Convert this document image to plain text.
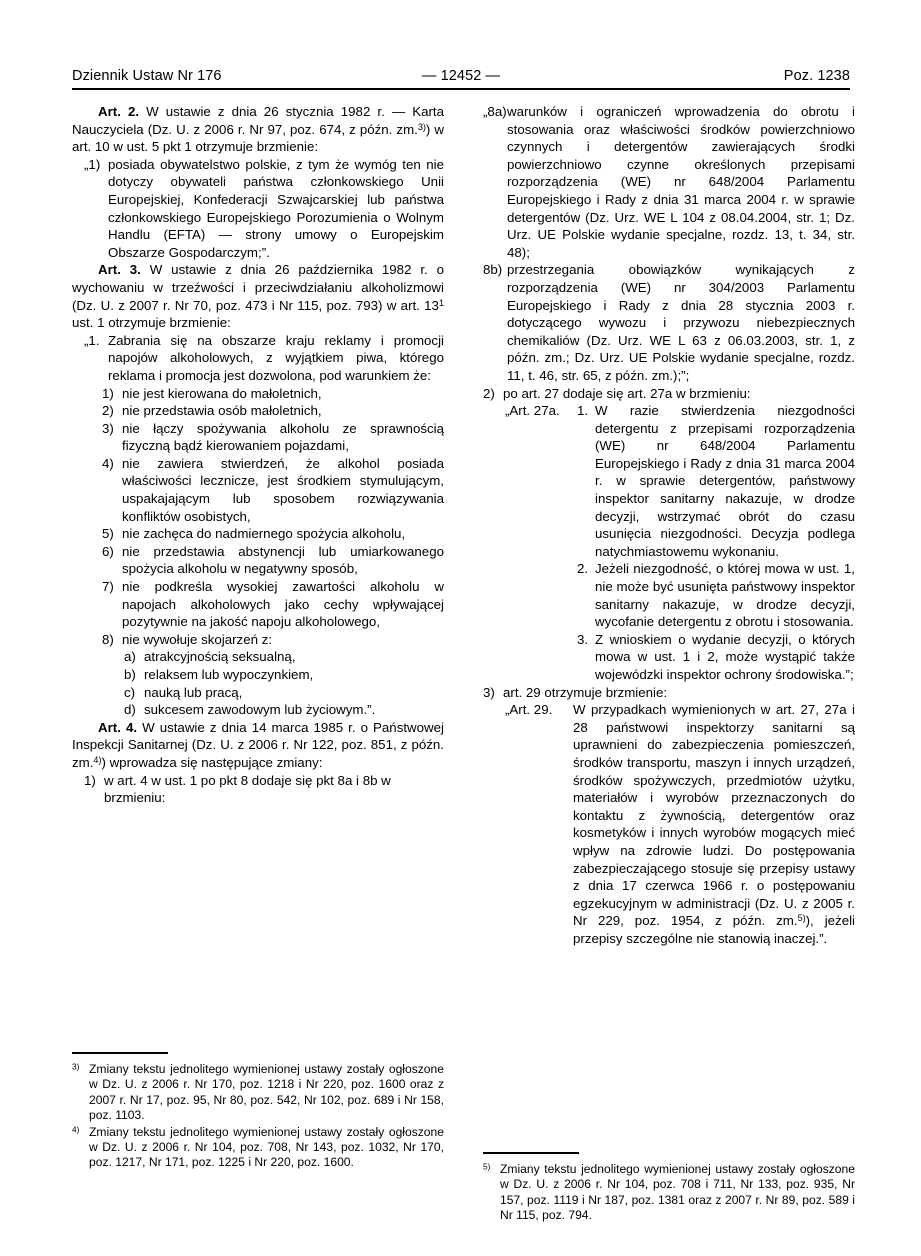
Dziennik Ustaw Nr 176	— 12452 —	Poz. 1238

Art. 2. W ustawie z dnia 26 stycznia 1982 r. — Karta Nauczyciela (Dz. U. z 2006 r. Nr 97, poz. 674, z późn. zm.$^{3)}$) w art. 10 w ust. 5 pkt 1 otrzymuje brzmienie:

„1) posiada obywatelstwo polskie, z tym że wymóg ten nie dotyczy obywateli państwa członkowskiego Unii Europejskiej, Konfederacji Szwajcarskiej lub państwa członkowskiego Europejskiego Porozumienia o Wolnym Handlu (EFTA) — strony umowy o Europejskim Obszarze Gospodarczym;”.

Art. 3. W ustawie z dnia 26 października 1982 r. o wychowaniu w trzeźwości i przeciwdziałaniu alkoholizmowi (Dz. U. z 2007 r. Nr 70, poz. 473 i Nr 115, poz. 793) w art. $13^1$ ust. 1 otrzymuje brzmienie:

„1. Zabrania się na obszarze kraju reklamy i promocji napojów alkoholowych, z wyjątkiem piwa, którego reklama i promocja jest dozwolona, pod warunkiem że:
1) nie jest kierowana do małoletnich,
2) nie przedstawia osób małoletnich,
3) nie łączy spożywania alkoholu ze sprawnością fizyczną bądź kierowaniem pojazdami,
4) nie zawiera stwierdzeń, że alkohol posiada właściwości lecznicze, jest środkiem stymulującym, uspakajającym lub sposobem rozwiązywania konfliktów osobistych,
5) nie zachęca do nadmiernego spożycia alkoholu,
6) nie przedstawia abstynencji lub umiarkowanego spożycia alkoholu w negatywny sposób,
7) nie podkreśla wysokiej zawartości alkoholu w napojach alkoholowych jako cechy wpływającej pozytywnie na jakość napoju alkoholowego,
8) nie wywołuje skojarzeń z:
a) atrakcyjnością seksualną,
b) relaksem lub wypoczynkiem,
c) nauką lub pracą,
d) sukcesem zawodowym lub życiowym.”.

Art. 4. W ustawie z dnia 14 marca 1985 r. o Państwowej Inspekcji Sanitarnej (Dz. U. z 2006 r. Nr 122, poz. 851, z późn. zm.$^{4)}$) wprowadza się następujące zmiany:

1) w art. 4 w ust. 1 po pkt 8 dodaje się pkt 8a i 8b w brzmieniu:
„8a) warunków i ograniczeń wprowadzenia do obrotu i stosowania oraz właściwości środków powierzchniowo czynnych i detergentów zawierających środki powierzchniowo czynne określonych przepisami rozporządzenia (WE) nr 648/2004 Parlamentu Europejskiego i Rady z dnia 31 marca 2004 r. w sprawie detergentów (Dz. Urz. WE L 104 z 08.04.2004, str. 1; Dz. Urz. UE Polskie wydanie specjalne, rozdz. 13, t. 34, str. 48);
8b) przestrzegania obowiązków wynikających z rozporządzenia (WE) nr 304/2003 Parlamentu Europejskiego i Rady z dnia 28 stycznia 2003 r. dotyczącego wywozu i przywozu niebezpiecznych chemikaliów (Dz. Urz. WE L 63 z 06.03.2003, str. 1, z późn. zm.; Dz. Urz. UE Polskie wydanie specjalne, rozdz. 11, t. 46, str. 65, z późn. zm.);”;
2) po art. 27 dodaje się art. 27a w brzmieniu:
„Art. 27a.	1. W razie stwierdzenia niezgodności detergentu z przepisami rozporządzenia (WE) nr 648/2004 Parlamentu Europejskiego i Rady z dnia 31 marca 2004 r. w sprawie detergentów, państwowy inspektor sanitarny nakazuje, w drodze decyzji, wstrzymać obrót do czasu usunięcia niezgodności. Decyzja podlega natychmiastowemu wykonaniu.
2. Jeżeli niezgodność, o której mowa w ust. 1, nie może być usunięta państwowy inspektor sanitarny nakazuje, w drodze decyzji, wycofanie detergentu z obrotu i stosowania.
3. Z wnioskiem o wydanie decyzji, o których mowa w ust. 1 i 2, może wystąpić także wojewódzki inspektor ochrony środowiska.”;
3) art. 29 otrzymuje brzmienie:
„Art. 29.	W przypadkach wymienionych w art. 27, 27a i 28 państwowi inspektorzy sanitarni są uprawnieni do zabezpieczenia pomieszczeń, środków transportu, maszyn i innych urządzeń, środków spożywczych, przedmiotów użytku, materiałów i wyrobów przeznaczonych do kontaktu z żywnością, detergentów oraz kosmetyków i innych wyrobów mogących mieć wpływ na zdrowie ludzi. Do postępowania zabezpieczającego stosuje się przepisy ustawy z dnia 17 czerwca 1966 r. o postępowaniu egzekucyjnym w administracji (Dz. U. z 2005 r. Nr 229, poz. 1954, z późn. zm.$^{5)}$), jeżeli przepisy szczególne nie stanowią inaczej.”.
$^{3)}$ Zmiany tekstu jednolitego wymienionej ustawy zostały ogłoszone w Dz. U. z 2006 r. Nr 170, poz. 1218 i Nr 220, poz. 1600 oraz z 2007 r. Nr 17, poz. 95, Nr 80, poz. 542, Nr 102, poz. 689 i Nr 158, poz. 1103.
$^{4)}$ Zmiany tekstu jednolitego wymienionej ustawy zostały ogłoszone w Dz. U. z 2006 r. Nr 104, poz. 708, Nr 143, poz. 1032, Nr 170, poz. 1217, Nr 171, poz. 1225 i Nr 220, poz. 1600.	$^{5)}$ Zmiany tekstu jednolitego wymienionej ustawy zostały ogłoszone w Dz. U. z 2006 r. Nr 104, poz. 708 i 711, Nr 133, poz. 935, Nr 157, poz. 1119 i Nr 187, poz. 1381 oraz z 2007 r. Nr 89, poz. 589 i Nr 115, poz. 794.
